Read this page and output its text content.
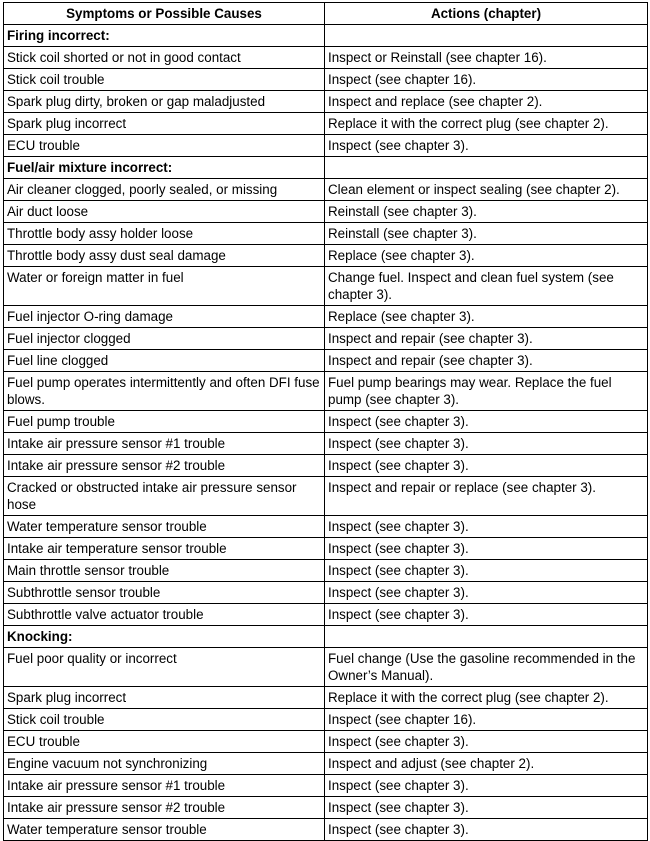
Symptoms or Possible Causes	Actions (chapter)
Firing incorrect:	
Stick coil shorted or not in good contact	Inspect or Reinstall (see chapter 16).
Stick coil trouble	Inspect (see chapter 16).
Spark plug dirty, broken or gap maladjusted	Inspect and replace (see chapter 2).
Spark plug incorrect	Replace it with the correct plug (see chapter 2).
ECU trouble	Inspect (see chapter 3).
Fuel/air mixture incorrect:	
Air cleaner clogged, poorly sealed, or missing	Clean element or inspect sealing (see chapter 2).
Air duct loose	Reinstall (see chapter 3).
Throttle body assy holder loose	Reinstall (see chapter 3).
Throttle body assy dust seal damage	Replace (see chapter 3).
Water or foreign matter in fuel	Change fuel. Inspect and clean fuel system (see chapter 3).
Fuel injector O-ring damage	Replace (see chapter 3).
Fuel injector clogged	Inspect and repair (see chapter 3).
Fuel line clogged	Inspect and repair (see chapter 3).
Fuel pump operates intermittently and often DFI fuse blows.	Fuel pump bearings may wear. Replace the fuel pump (see chapter 3).
Fuel pump trouble	Inspect (see chapter 3).
Intake air pressure sensor #1 trouble	Inspect (see chapter 3).
Intake air pressure sensor #2 trouble	Inspect (see chapter 3).
Cracked or obstructed intake air pressure sensor hose	Inspect and repair or replace (see chapter 3).
Water temperature sensor trouble	Inspect (see chapter 3).
Intake air temperature sensor trouble	Inspect (see chapter 3).
Main throttle sensor trouble	Inspect (see chapter 3).
Subthrottle sensor trouble	Inspect (see chapter 3).
Subthrottle valve actuator trouble	Inspect (see chapter 3).
Knocking:	
Fuel poor quality or incorrect	Fuel change (Use the gasoline recommended in the Owner’s Manual).
Spark plug incorrect	Replace it with the correct plug (see chapter 2).
Stick coil trouble	Inspect (see chapter 16).
ECU trouble	Inspect (see chapter 3).
Engine vacuum not synchronizing	Inspect and adjust (see chapter 2).
Intake air pressure sensor #1 trouble	Inspect (see chapter 3).
Intake air pressure sensor #2 trouble	Inspect (see chapter 3).
Water temperature sensor trouble	Inspect (see chapter 3).
